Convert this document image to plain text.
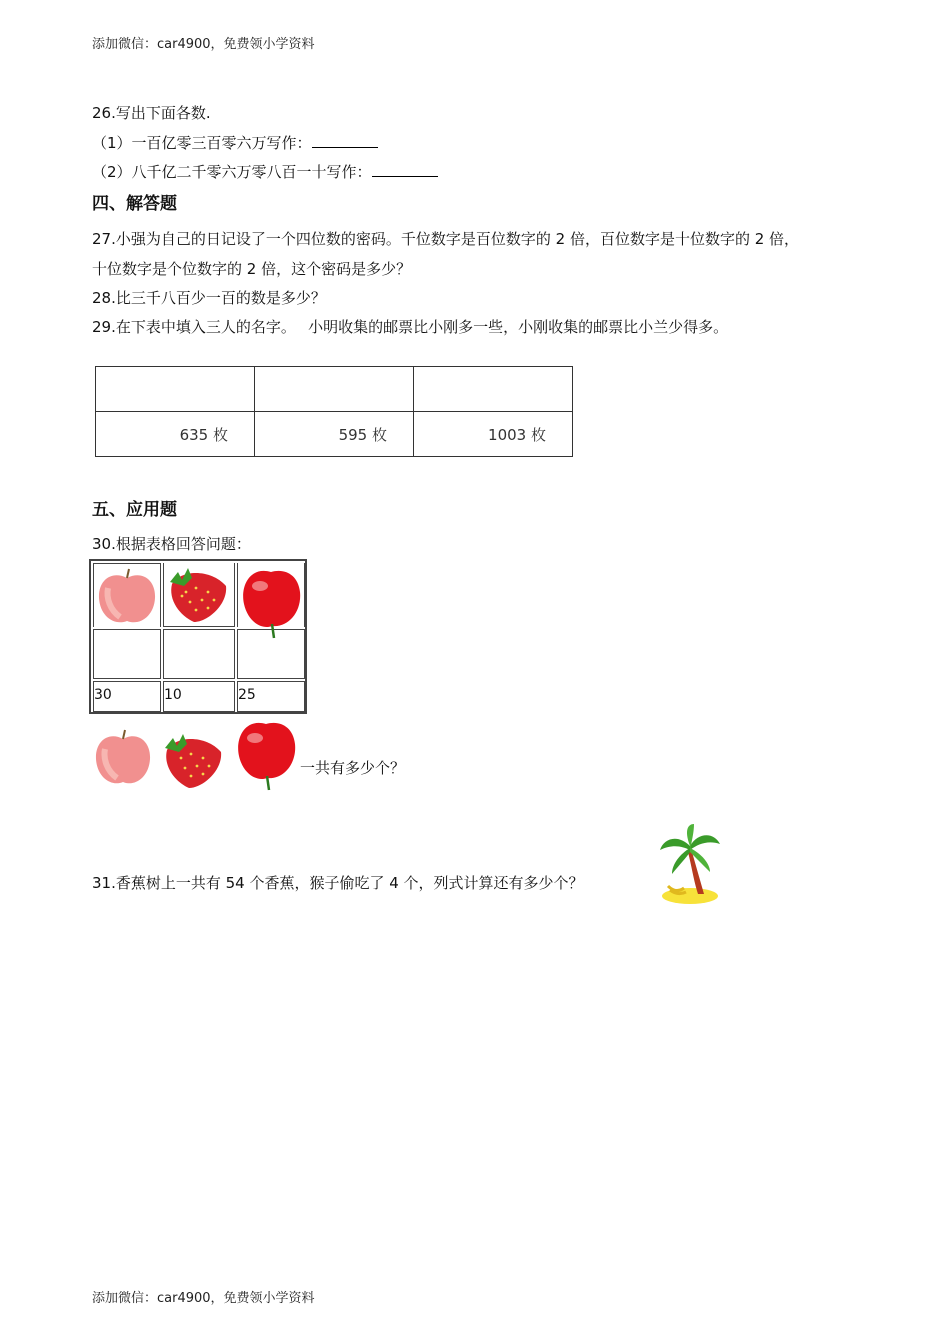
添加微信：car4900，免费领小学资料
26.写出下面各数.
（1）一百亿零三百零六万写作：
（2）八千亿二千零六万零八百一十写作：
四、解答题
27.小强为自己的日记设了一个四位数的密码。千位数字是百位数字的 2 倍，百位数字是十位数字的 2 倍，
十位数字是个位数字的 2 倍，这个密码是多少？
28.比三千八百少一百的数是多少？
29.在下表中填入三人的名字。　 小明收集的邮票比小刚多一些，小刚收集的邮票比小兰少得多。

635 枚	595 枚	1003 枚
五、应用题
30.根据表格回答问题：
30	10	25
一共有多少个？
31.香蕉树上一共有 54 个香蕉，猴子偷吃了 4 个，列式计算还有多少个？
添加微信：car4900，免费领小学资料
